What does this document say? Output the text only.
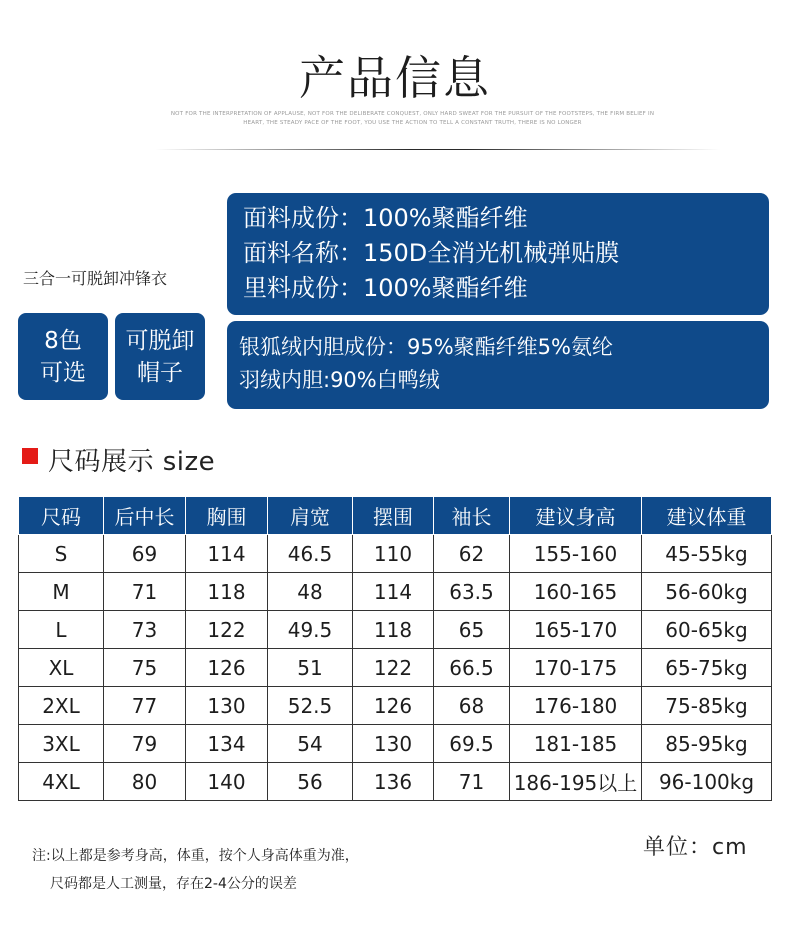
产品信息
NOT FOR THE INTERPRETATION OF APPLAUSE, NOT FOR THE DELIBERATE CONQUEST, ONLY HARD SWEAT FOR THE PURSUIT OF THE FOOTSTEPS, THE FIRM BELIEF IN
HEART, THE STEADY PACE OF THE FOOT, YOU USE THE ACTION TO TELL A CONSTANT TRUTH, THERE IS NO LONGER
三合一可脱卸冲锋衣
8色
可选
可脱卸
帽子
面料成份：100%聚酯纤维
面料名称：150D全消光机械弹贴膜
里料成份：100%聚酯纤维
银狐绒内胆成份：95%聚酯纤维5%氨纶
羽绒内胆:90%白鸭绒
尺码展示 size
尺码	后中长	胸围	肩宽	摆围	袖长	建议身高	建议体重
S	69	114	46.5	110	62	155-160	45-55kg
M	71	118	48	114	63.5	160-165	56-60kg
L	73	122	49.5	118	65	165-170	60-65kg
XL	75	126	51	122	66.5	170-175	65-75kg
2XL	77	130	52.5	126	68	176-180	75-85kg
3XL	79	134	54	130	69.5	181-185	85-95kg
4XL	80	140	56	136	71	186-195以上	96-100kg
单位：cm
注:以上都是参考身高，体重，按个人身高体重为准，
尺码都是人工测量，存在2-4公分的误差
